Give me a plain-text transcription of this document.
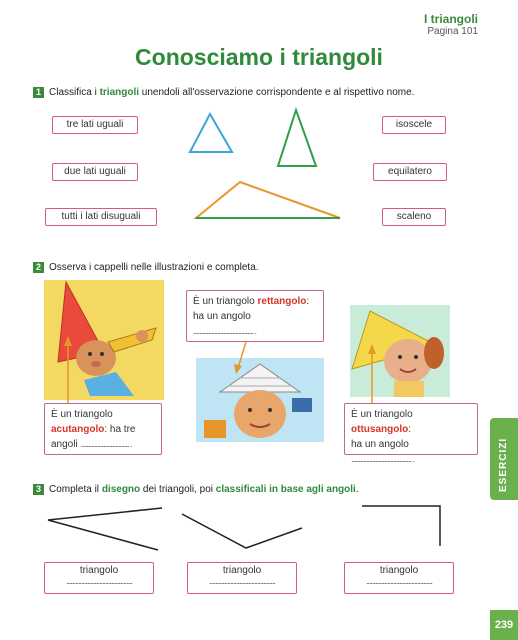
I triangoli
Pagina 101
Conosciamo i triangoli
1 Classifica i triangoli unendoli all'osservazione corrispondente e al rispettivo nome.
tre lati uguali
due lati uguali
tutti i lati disuguali
isoscele
equilatero
scaleno
2 Osserva i cappelli nelle illustrazioni e completa.
È un triangolo rettangolo:
ha un angolo
........................................ .
È un triangolo
acutangolo: ha tre
angoli ................................ .
È un triangolo ottusangolo:
ha un angolo
........................................ .
3 Completa il disegno dei triangoli, poi classificali in base agli angoli.
triangolo
............................................
triangolo
............................................
triangolo
............................................
ESERCIZI
239
